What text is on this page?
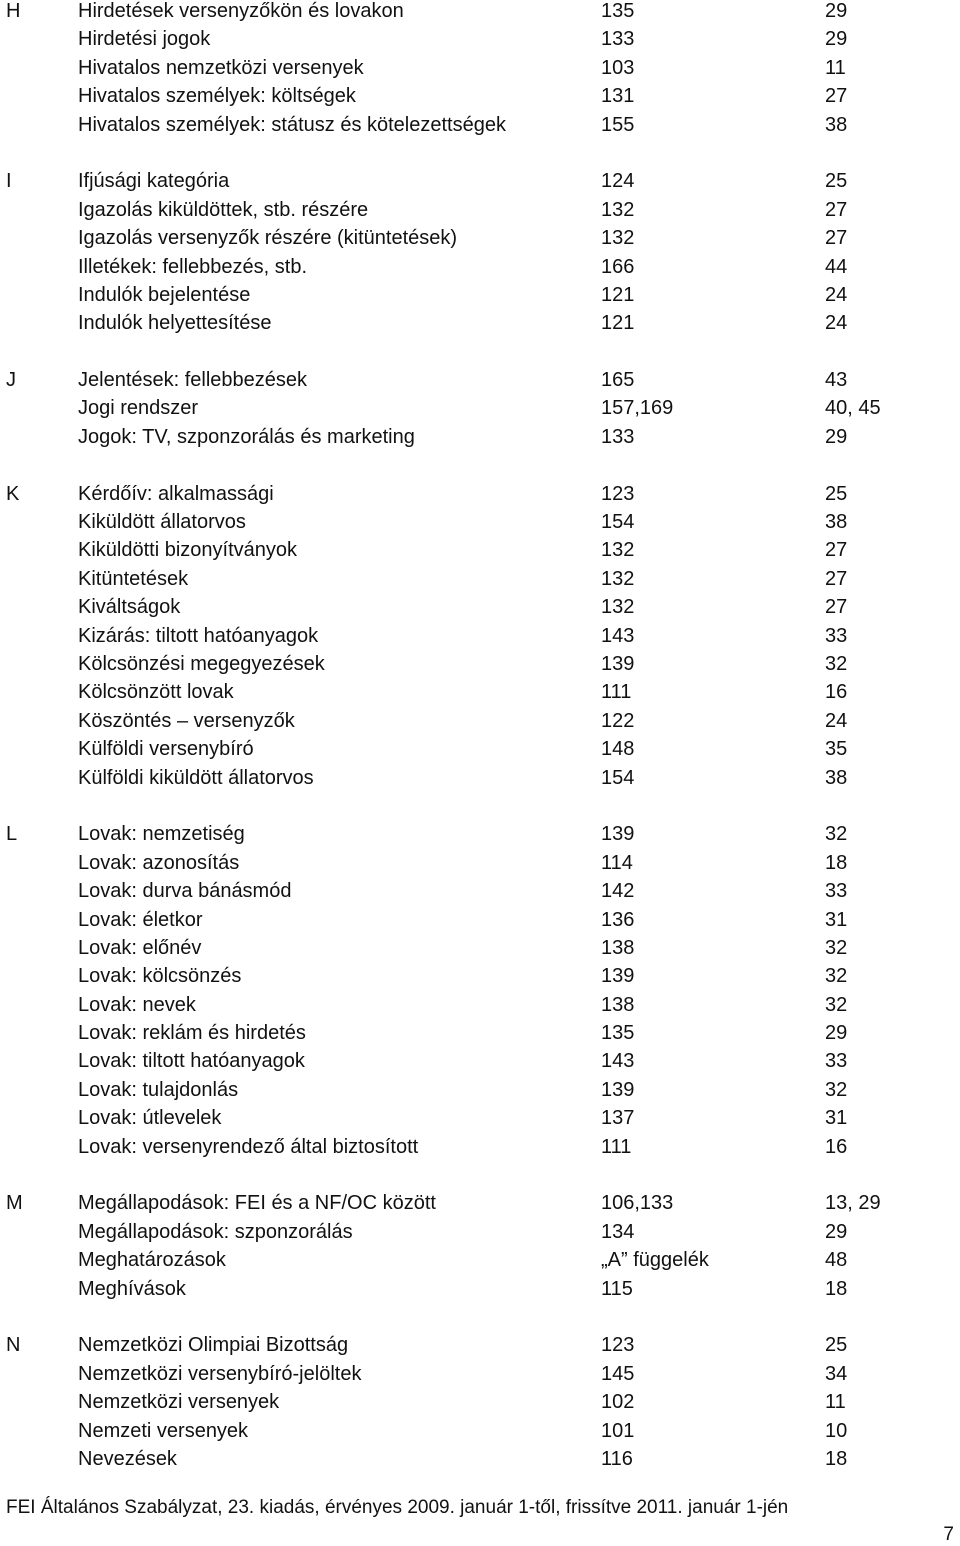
H	Hirdetések versenyzőkön és lovakon	135	29
Hirdetési jogok	133	29
Hivatalos nemzetközi versenyek	103	11
Hivatalos személyek: költségek	131	27
Hivatalos személyek: státusz és kötelezettségek	155	38
I	Ifjúsági kategória	124	25
Igazolás kiküldöttek, stb. részére	132	27
Igazolás versenyzők részére (kitüntetések)	132	27
Illetékek: fellebbezés, stb.	166	44
Indulók bejelentése	121	24
Indulók helyettesítése	121	24
J	Jelentések: fellebbezések	165	43
Jogi rendszer	157,169	40, 45
Jogok: TV, szponzorálás és marketing	133	29
K	Kérdőív: alkalmassági	123	25
Kiküldött állatorvos	154	38
Kiküldötti bizonyítványok	132	27
Kitüntetések	132	27
Kiváltságok	132	27
Kizárás: tiltott hatóanyagok	143	33
Kölcsönzési megegyezések	139	32
Kölcsönzött lovak	111	16
Köszöntés – versenyzők	122	24
Külföldi versenybíró	148	35
Külföldi kiküldött állatorvos	154	38
L	Lovak: nemzetiség	139	32
Lovak: azonosítás	114	18
Lovak: durva bánásmód	142	33
Lovak: életkor	136	31
Lovak: előnév	138	32
Lovak: kölcsönzés	139	32
Lovak: nevek	138	32
Lovak: reklám és hirdetés	135	29
Lovak: tiltott hatóanyagok	143	33
Lovak: tulajdonlás	139	32
Lovak: útlevelek	137	31
Lovak: versenyrendező által biztosított	111	16
M	Megállapodások: FEI és a NF/OC között	106,133	13, 29
Megállapodások: szponzorálás	134	29
Meghatározások	„A” függelék	48
Meghívások	115	18
N	Nemzetközi Olimpiai Bizottság	123	25
Nemzetközi versenybíró-jelöltek	145	34
Nemzetközi versenyek	102	11
Nemzeti versenyek	101	10
Nevezések	116	18
FEI Általános Szabályzat, 23. kiadás, érvényes 2009. január 1-től, frissítve 2011. január 1-jén
7
